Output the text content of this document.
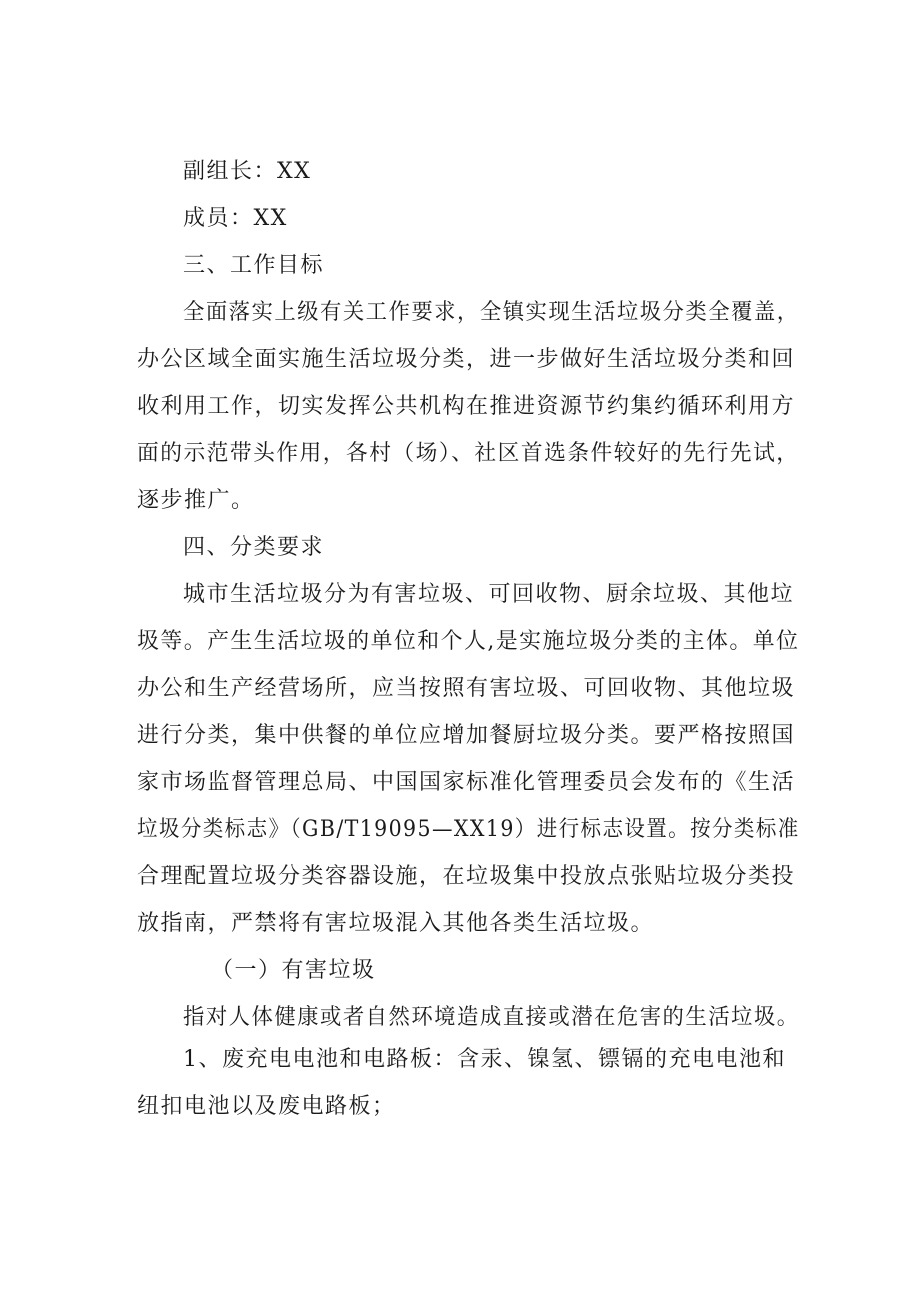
副组长：XX
成员：XX
三、工作目标
全面落实上级有关工作要求，全镇实现生活垃圾分类全覆盖，
办公区域全面实施生活垃圾分类，进一步做好生活垃圾分类和回
收利用工作，切实发挥公共机构在推进资源节约集约循环利用方
面的示范带头作用，各村（场）、社区首选条件较好的先行先试，
逐步推广。
四、分类要求
城市生活垃圾分为有害垃圾、可回收物、厨余垃圾、其他垃
圾等。产生生活垃圾的单位和个人,是实施垃圾分类的主体。单位
办公和生产经营场所，应当按照有害垃圾、可回收物、其他垃圾
进行分类，集中供餐的单位应增加餐厨垃圾分类。要严格按照国
家市场监督管理总局、中国国家标准化管理委员会发布的《生活
垃圾分类标志》（GB/T19095—XX19）进行标志设置。按分类标准
合理配置垃圾分类容器设施，在垃圾集中投放点张贴垃圾分类投
放指南，严禁将有害垃圾混入其他各类生活垃圾。
（一）有害垃圾
指对人体健康或者自然环境造成直接或潜在危害的生活垃圾。
1、废充电电池和电路板：含汞、镍氢、镖镉的充电电池和
纽扣电池以及废电路板；
